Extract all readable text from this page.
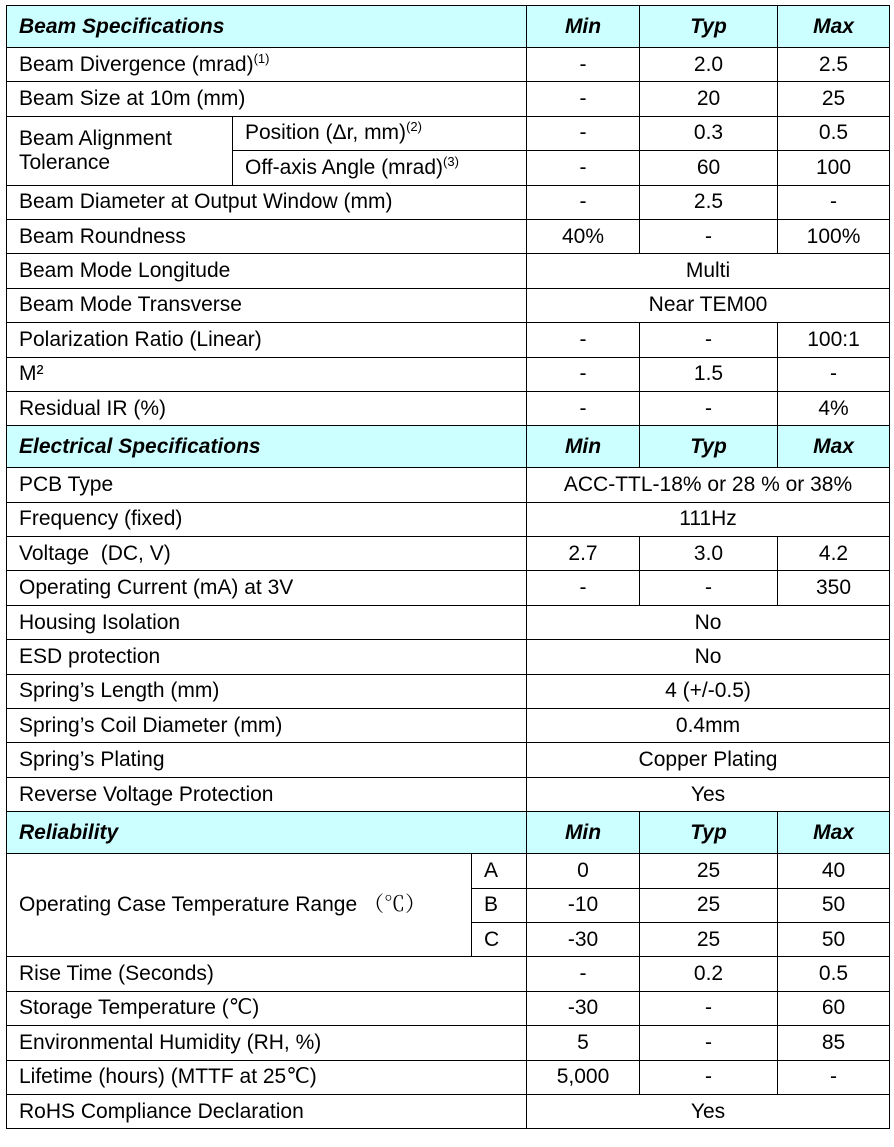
Beam Specifications			Min	Typ	Max
Beam Divergence (mrad)$^{(1)}$			-	2.0	2.5
Beam Size at 10m (mm)			-	20	25
Beam Alignment Tolerance	Position (Δr, mm)$^{(2)}$		-	0.3	0.5
	Off-axis Angle (mrad)$^{(3)}$		-	60	100
Beam Diameter at Output Window (mm)			-	2.5	-
Beam Roundness			40%	-	100%
Beam Mode Longitude			Multi		
Beam Mode Transverse			Near TEM00		
Polarization Ratio (Linear)			-	-	100:1
M²			-	1.5	-
Residual IR (%)			-	-	4%
Electrical Specifications			Min	Typ	Max
PCB Type			ACC-TTL-18% or 28 % or 38%		
Frequency (fixed)			111Hz		
Voltage  (DC, V)			2.7	3.0	4.2
Operating Current (mA) at 3V			-	-	350
Housing Isolation			No		
ESD protection			No		
Spring’s Length (mm)			4 (+/-0.5)		
Spring’s Coil Diameter (mm)			0.4mm		
Spring’s Plating			Copper Plating		
Reverse Voltage Protection			Yes		
Reliability			Min	Typ	Max
Operating Case Temperature Range （℃）		A	0	25	40
		B	-10	25	50
		C	-30	25	50
Rise Time (Seconds)			-	0.2	0.5
Storage Temperature (℃)			-30	-	60
Environmental Humidity (RH, %)			5	-	85
Lifetime (hours) (MTTF at 25℃)			5,000	-	-
RoHS Compliance Declaration			Yes		
